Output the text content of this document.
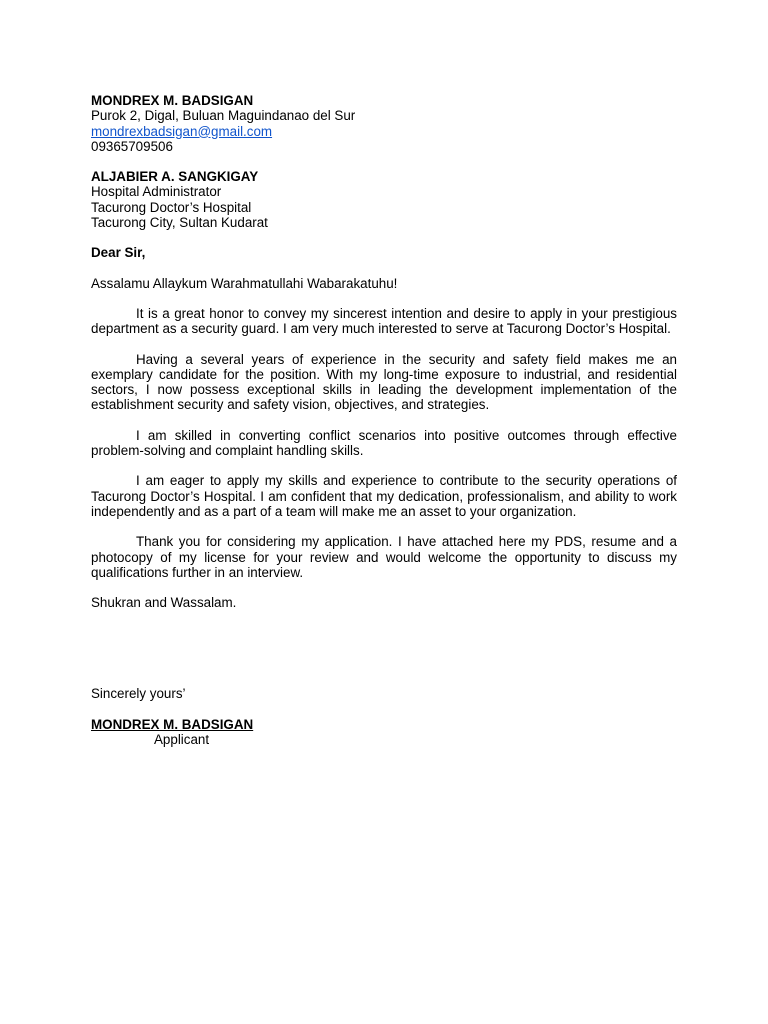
MONDREX M. BADSIGAN
Purok 2, Digal, Buluan Maguindanao del Sur
mondrexbadsigan@gmail.com
09365709506
ALJABIER A. SANGKIGAY
Hospital Administrator
Tacurong Doctor’s Hospital
Tacurong City, Sultan Kudarat
Dear Sir,
Assalamu Allaykum Warahmatullahi Wabarakatuhu!

It is a great honor to convey my sincerest intention and desire to apply in your prestigious department as a security guard. I am very much interested to serve at Tacurong Doctor’s Hospital.

Having a several years of experience in the security and safety field makes me an exemplary candidate for the position. With my long-time exposure to industrial, and residential sectors, I now possess exceptional skills in leading the development implementation of the establishment security and safety vision, objectives, and strategies.

I am skilled in converting conflict scenarios into positive outcomes through effective problem-solving and complaint handling skills.

I am eager to apply my skills and experience to contribute to the security operations of Tacurong Doctor’s Hospital. I am confident that my dedication, professionalism, and ability to work independently and as a part of a team will make me an asset to your organization.

Thank you for considering my application. I have attached here my PDS, resume and a photocopy of my license for your review and would welcome the opportunity to discuss my qualifications further in an interview.

Shukran and Wassalam.
Sincerely yours’
MONDREX M. BADSIGAN
Applicant
